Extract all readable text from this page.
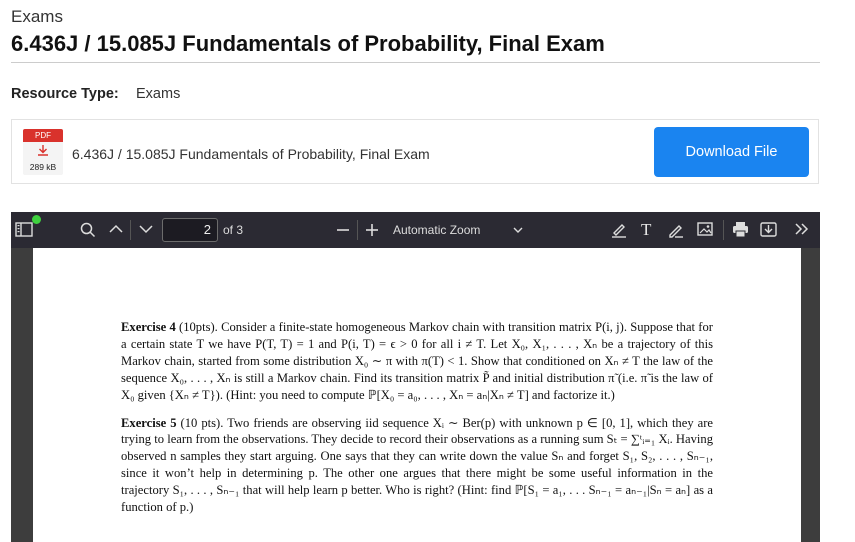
Exams
6.436J / 15.085J Fundamentals of Probability, Final Exam
Resource Type: Exams
PDF
289 kB
6.436J / 15.085J Fundamentals of Probability, Final Exam	Download File
2	of 3	Automatic Zoom	T

Exercise 4 (10pts). Consider a finite-state homogeneous Markov chain with transition matrix P(i, j). Suppose that for a certain state T we have P(T, T) = 1 and P(i, T) = ϵ > 0 for all i ≠ T. Let X₀, X₁, . . . , Xₙ be a trajectory of this Markov chain, started from some distribution X₀ ∼ π with π(T) < 1. Show that conditioned on Xₙ ≠ T the law of the sequence X₀, . . . , Xₙ is still a Markov chain. Find its transition matrix P̃ and initial distribution π̃ (i.e. π̃ is the law of X₀ given {Xₙ ≠ T}). (Hint: you need to compute ℙ[X₀ = a₀, . . . , Xₙ = aₙ|Xₙ ≠ T] and factorize it.)

Exercise 5 (10 pts). Two friends are observing iid sequence Xᵢ ∼ Ber(p) with unknown p ∈ [0, 1], which they are trying to learn from the observations. They decide to record their observations as a running sum Sₜ = ∑ᵗᵢ₌₁ Xᵢ. Having observed n samples they start arguing. One says that they can write down the value Sₙ and forget S₁, S₂, . . . , Sₙ₋₁, since it won’t help in determining p. The other one argues that there might be some useful information in the trajectory S₁, . . . , Sₙ₋₁ that will help learn p better. Who is right? (Hint: find ℙ[S₁ = a₁, . . . Sₙ₋₁ = aₙ₋₁|Sₙ = aₙ] as a function of p.)
